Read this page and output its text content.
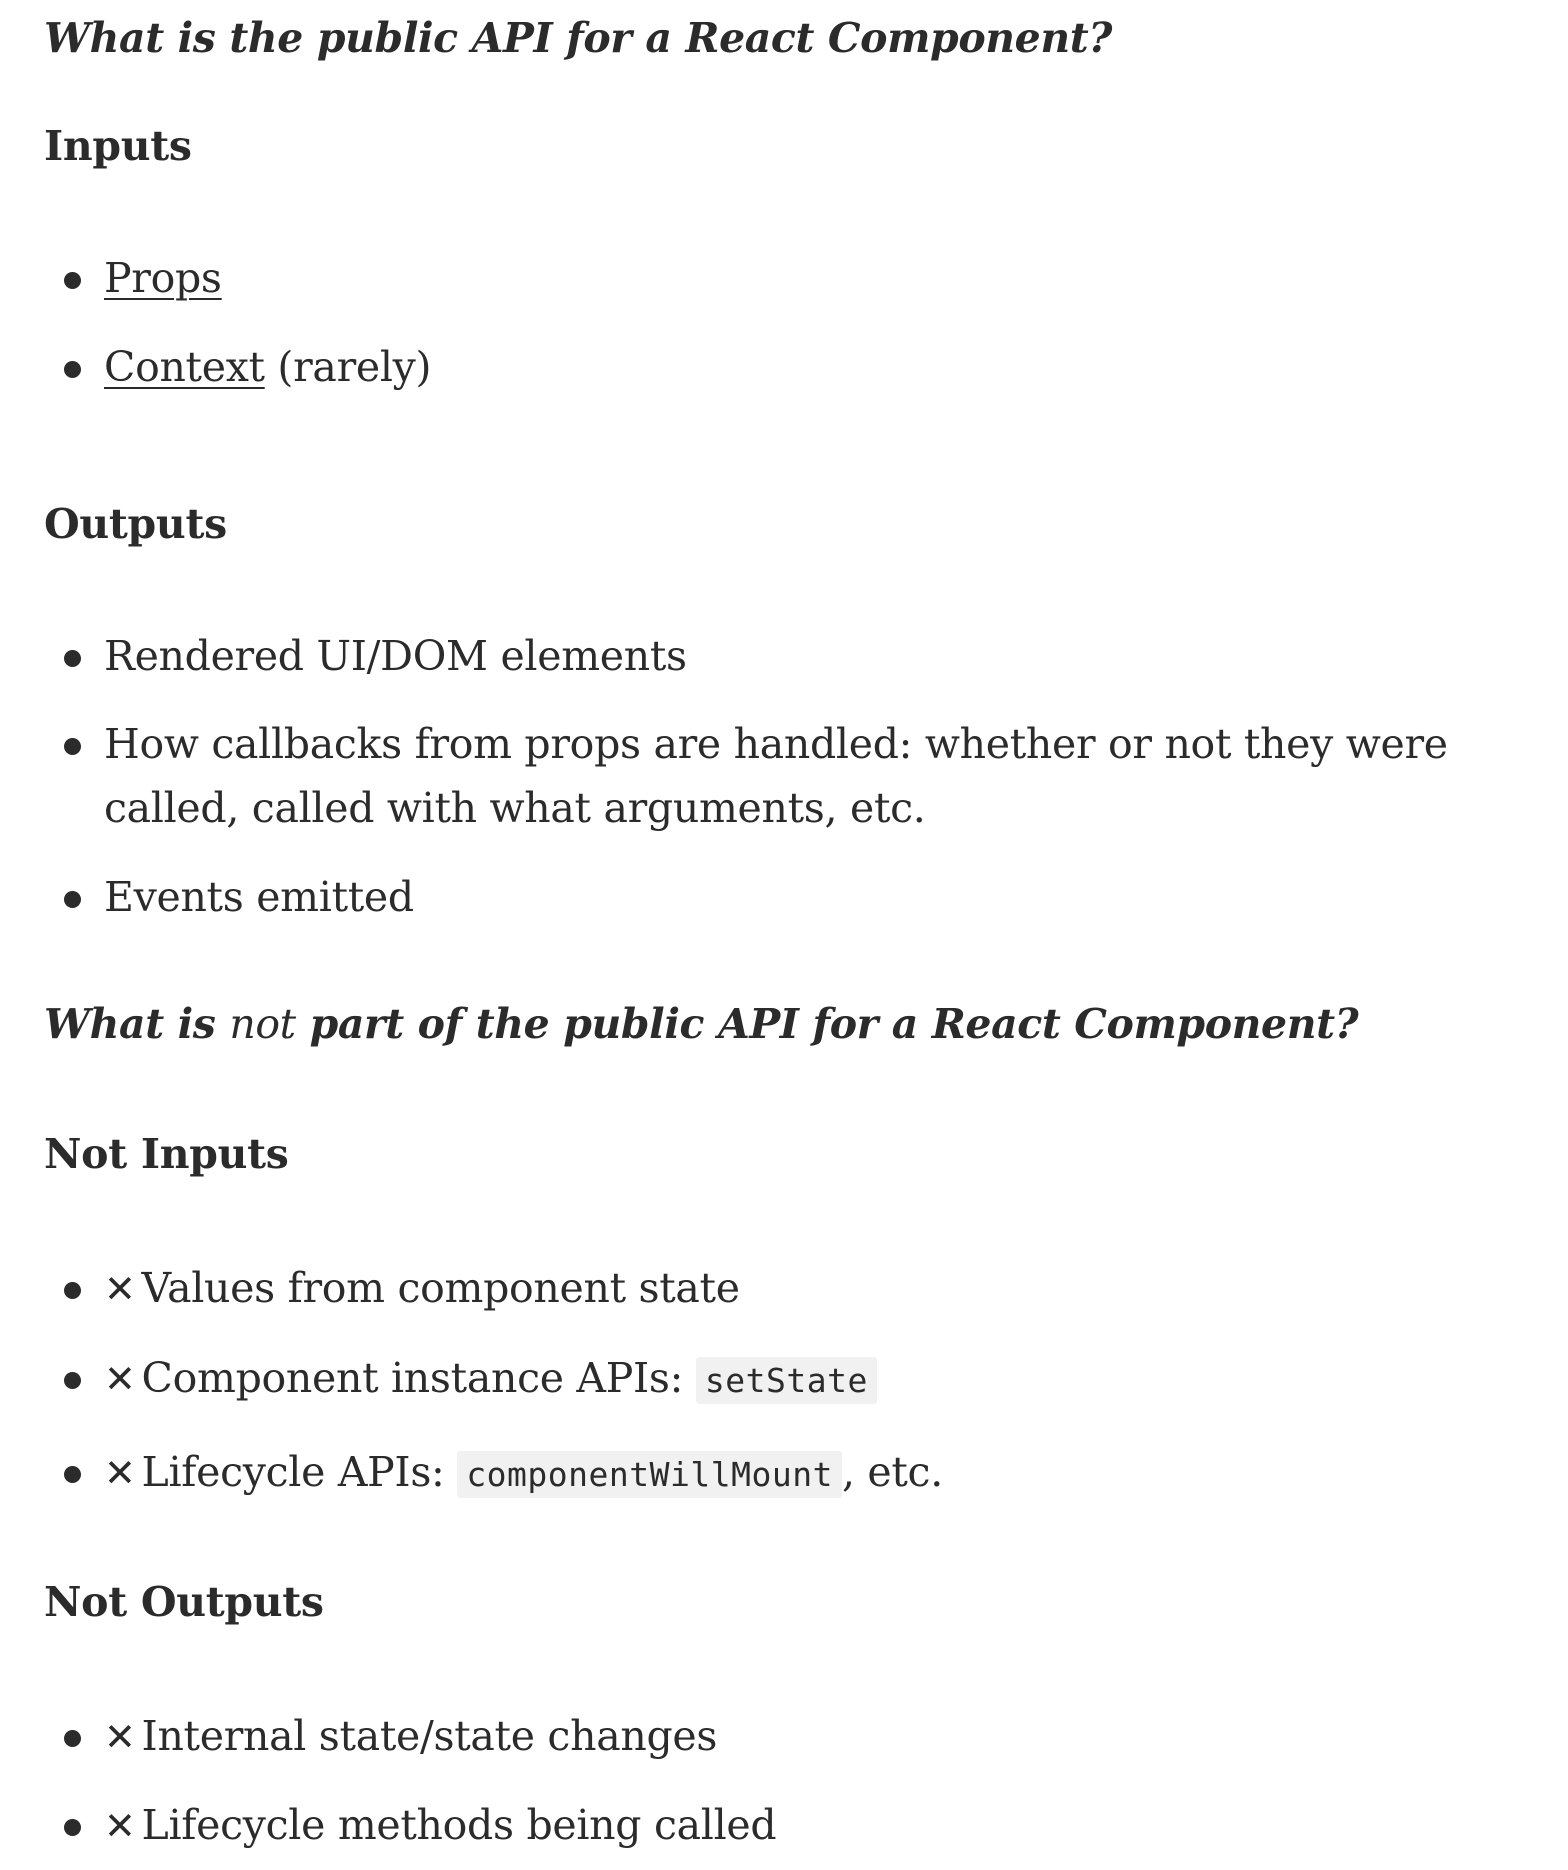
What is the public API for a React Component?

Inputs

Props
Context (rarely)

Outputs

Rendered UI/DOM elements
How callbacks from props are handled: whether or not they were called, called with what arguments, etc.
Events emitted

What is not part of the public API for a React Component?

Not Inputs

✕ Values from component state
✕ Component instance APIs: setState
✕ Lifecycle APIs: componentWillMount , etc.

Not Outputs

✕ Internal state/state changes
✕ Lifecycle methods being called
